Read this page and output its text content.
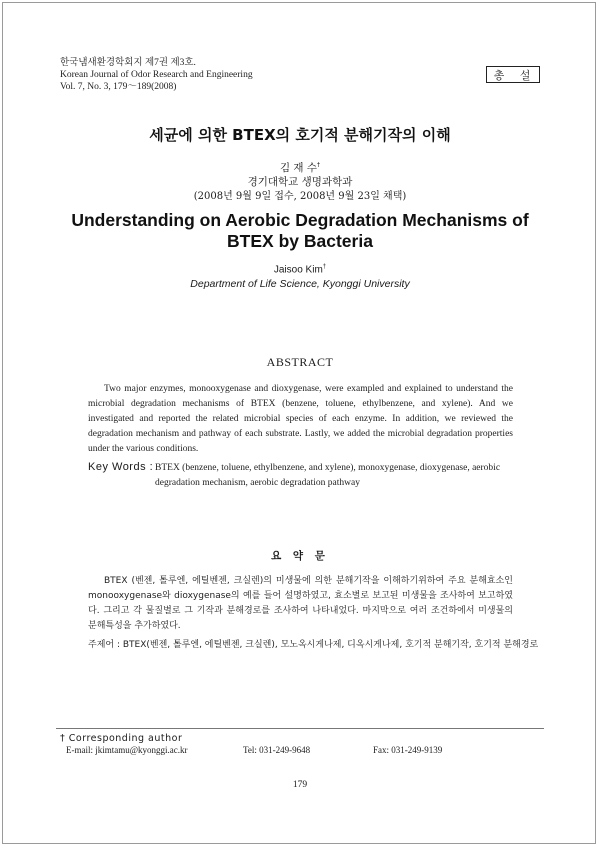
한국냄새환경학회지 제7권 제3호.
Korean Journal of Odor Research and Engineering
Vol. 7, No. 3, 179～189(2008)
총 설
세균에 의한 BTEX의 호기적 분해기작의 이해
김 재 수†
경기대학교 생명과학과
(2008년 9월 9일 접수, 2008년 9월 23일 채택)
Understanding on Aerobic Degradation Mechanisms of BTEX by Bacteria
Jaisoo Kim†
Department of Life Science, Kyonggi University
ABSTRACT
Two major enzymes, monooxygenase and dioxygenase, were exampled and explained to understand the microbial degradation mechanisms of BTEX (benzene, toluene, ethylbenzene, and xylene). And we investigated and reported the related microbial species of each enzyme. In addition, we reviewed the degradation mechanism and pathway of each substrate. Lastly, we added the microbial degradation properties under the various conditions.
Key Words : BTEX (benzene, toluene, ethylbenzene, and xylene), monoxygenase, dioxygenase, aerobic degradation mechanism, aerobic degradation pathway
요 약 문
BTEX (벤젠, 톨루엔, 에틸벤젠, 크실렌)의 미생물에 의한 분해기작을 이해하기위하여 주요 분해효소인 monooxygenase와 dioxygenase의 예를 들어 설명하였고, 효소별로 보고된 미생물을 조사하여 보고하였다. 그리고 각 물질별로 그 기작과 분해경로를 조사하여 나타내었다. 마지막으로 여러 조건하에서 미생물의 분해특성을 추가하였다.
주제어 : BTEX(벤젠, 톨루엔, 에틸벤젠, 크실렌), 모노옥시게나제, 디옥시게나제, 호기적 분해기작, 호기적 분해경로
† Corresponding author
E-mail: jkimtamu@kyonggi.ac.kr	Tel: 031-249-9648	Fax: 031-249-9139
179
